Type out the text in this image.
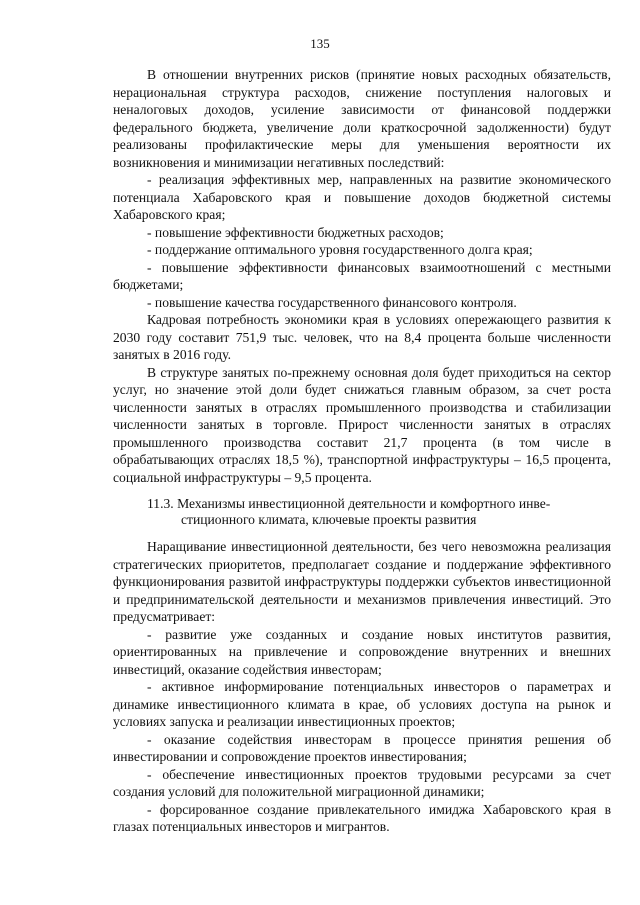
135

В отношении внутренних рисков (принятие новых расходных обязательств, нерациональная структура расходов, снижение поступления налоговых и неналоговых доходов, усиление зависимости от финансовой поддержки федерального бюджета, увеличение доли краткосрочной задолженности) будут реализованы профилактические меры для уменьшения вероятности их возникновения и минимизации негативных последствий:

- реализация эффективных мер, направленных на развитие экономического потенциала Хабаровского края и повышение доходов бюджетной системы Хабаровского края;

- повышение эффективности бюджетных расходов;

- поддержание оптимального уровня государственного долга края;

- повышение эффективности финансовых взаимоотношений с местными бюджетами;

- повышение качества государственного финансового контроля.

Кадровая потребность экономики края в условиях опережающего развития к 2030 году составит 751,9 тыс. человек, что на 8,4 процента больше численности занятых в 2016 году.

В структуре занятых по-прежнему основная доля будет приходиться на сектор услуг, но значение этой доли будет снижаться главным образом, за счет роста численности занятых в отраслях промышленного производства и стабилизации численности занятых в торговле. Прирост численности занятых в отраслях промышленного производства составит 21,7 процента (в том числе в обрабатывающих отраслях 18,5 %), транспортной инфраструктуры – 16,5 процента, социальной инфраструктуры – 9,5 процента.

11.3. Механизмы инвестиционной деятельности и комфортного инве-
стиционного климата, ключевые проекты развития

Наращивание инвестиционной деятельности, без чего невозможна реализация стратегических приоритетов, предполагает создание и поддержание эффективного функционирования развитой инфраструктуры поддержки субъектов инвестиционной и предпринимательской деятельности и механизмов привлечения инвестиций. Это предусматривает:

- развитие уже созданных и создание новых институтов развития, ориентированных на привлечение и сопровождение внутренних и внешних инвестиций, оказание содействия инвесторам;

- активное информирование потенциальных инвесторов о параметрах и динамике инвестиционного климата в крае, об условиях доступа на рынок и условиях запуска и реализации инвестиционных проектов;

- оказание содействия инвесторам в процессе принятия решения об инвестировании и сопровождение проектов инвестирования;

- обеспечение инвестиционных проектов трудовыми ресурсами за счет создания условий для положительной миграционной динамики;

- форсированное создание привлекательного имиджа Хабаровского края в глазах потенциальных инвесторов и мигрантов.
